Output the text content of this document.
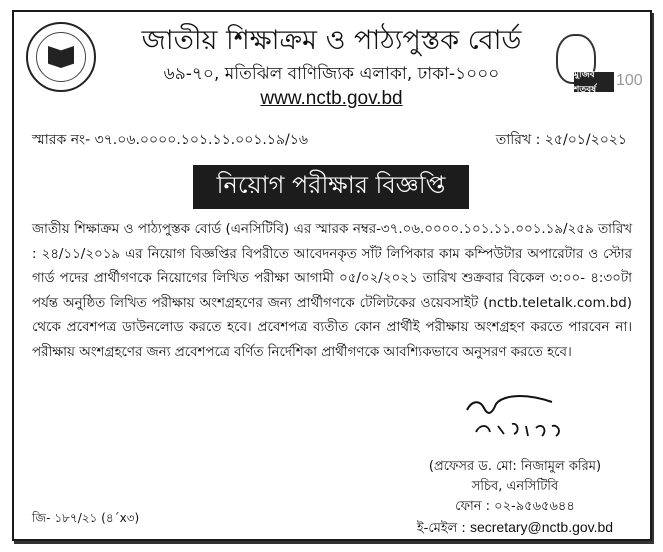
জাতীয় শিক্ষাক্রম ও পাঠ্যপুস্তক বোর্ড
৬৯-৭০, মতিঝিল বাণিজ্যিক এলাকা, ঢাকা-১০০০
www.nctb.gov.bd
মুজিব শতবর্ষ
100
স্মারক নং- ৩৭.০৬.০০০০.১০১.১১.০০১.১৯/১৬	তারিখ : ২৫/০১/২০২১
নিয়োগ পরীক্ষার বিজ্ঞপ্তি
জাতীয় শিক্ষাক্রম ও পাঠ্যপুস্তক বোর্ড (এনসিটিবি) এর স্মারক নম্বর-৩৭.০৬.০০০০.১০১.১১.০০১.১৯/২৫৯ তারিখ : ২৪/১১/২০১৯ এর নিয়োগ বিজ্ঞপ্তির বিপরীতে আবেদনকৃত সাঁট লিপিকার কাম কম্পিউটার অপারেটার ও স্টোর গার্ড পদের প্রার্থীগণকে নিয়োগের লিখিত পরীক্ষা আগামী ০৫/০২/২০২১ তারিখ শুক্রবার বিকেল ৩:০০- ৪:৩০টা পর্যন্ত অনুষ্ঠিত লিখিত পরীক্ষায় অংশগ্রহণের জন্য প্রার্থীগণকে টেলিটকের ওয়েবসাইট (nctb.teletalk.com.bd) থেকে প্রবেশপত্র ডাউনলোড করতে হবে। প্রবেশপত্র ব্যতীত কোন প্রার্থীই পরীক্ষায় অংশগ্রহণ করতে পারবেন না। পরীক্ষায় অংশগ্রহণের জন্য প্রবেশপত্রে বর্ণিত নির্দেশিকা প্রার্থীগণকে আবশ্যিকভাবে অনুসরণ করতে হবে।
(প্রফেসর ড. মো: নিজামুল করিম)
সচিব, এনসিটিবি
ফোন : ০২-৯৫৬৫৬৪৪
ই-মেইল : secretary@nctb.gov.bd
জি- ১৮৭/২১ (৪´x৩)
